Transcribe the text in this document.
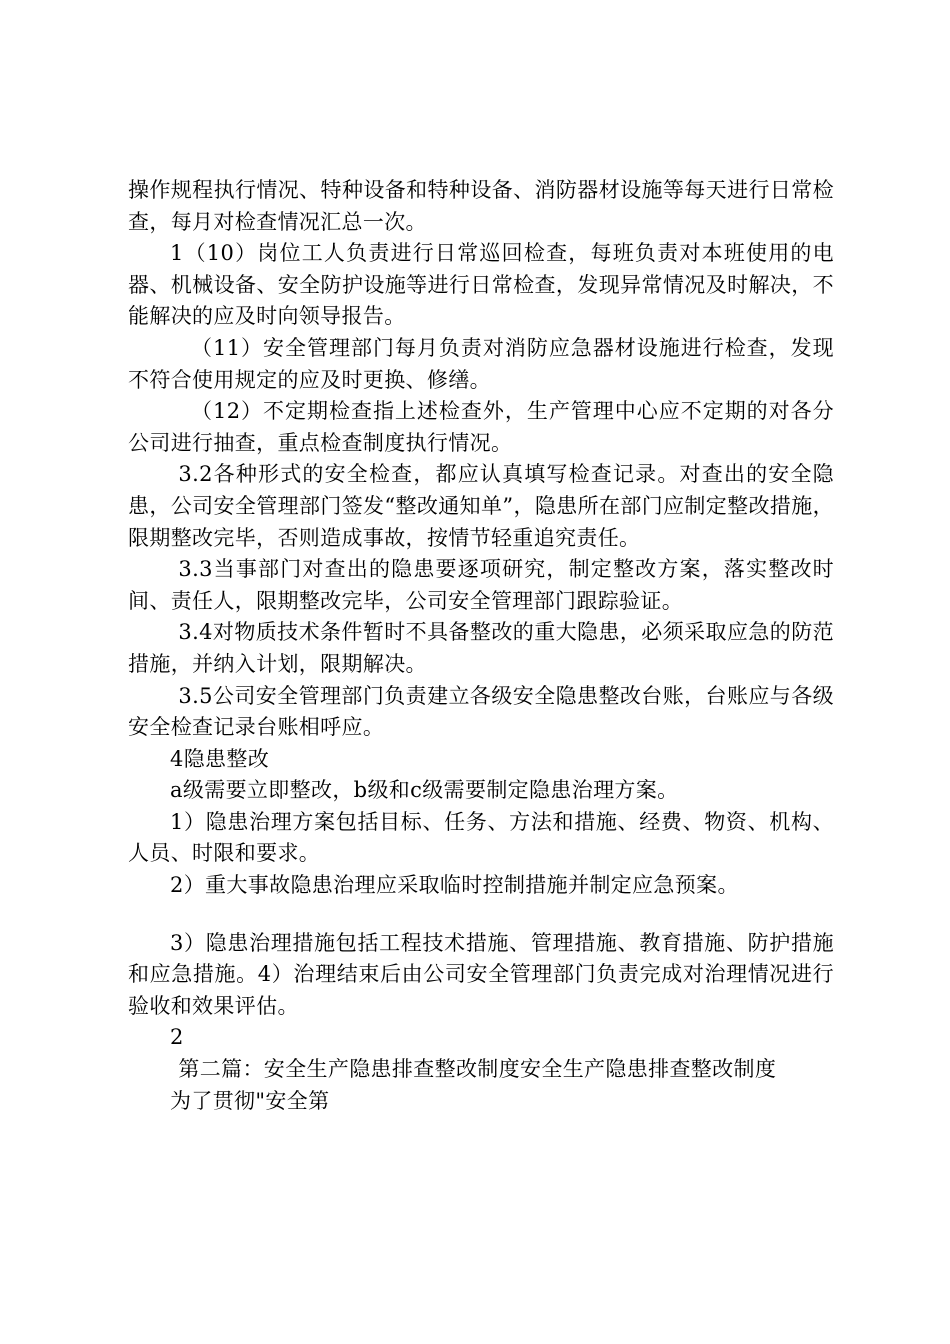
操作规程执行情况、特种设备和特种设备、消防器材设施等每天进行日常检查，每月对检查情况汇总一次。

1（10）岗位工人负责进行日常巡回检查，每班负责对本班使用的电器、机械设备、安全防护设施等进行日常检查，发现异常情况及时解决，不能解决的应及时向领导报告。

（11）安全管理部门每月负责对消防应急器材设施进行检查，发现不符合使用规定的应及时更换、修缮。

（12）不定期检查指上述检查外，生产管理中心应不定期的对各分公司进行抽查，重点检查制度执行情况。

3.2各种形式的安全检查，都应认真填写检查记录。对查出的安全隐患，公司安全管理部门签发“整改通知单”，隐患所在部门应制定整改措施，限期整改完毕，否则造成事故，按情节轻重追究责任。

3.3当事部门对查出的隐患要逐项研究，制定整改方案，落实整改时间、责任人，限期整改完毕，公司安全管理部门跟踪验证。

3.4对物质技术条件暂时不具备整改的重大隐患，必须采取应急的防范措施，并纳入计划，限期解决。

3.5公司安全管理部门负责建立各级安全隐患整改台账，台账应与各级安全检查记录台账相呼应。

4隐患整改

a级需要立即整改，b级和c级需要制定隐患治理方案。

1）隐患治理方案包括目标、任务、方法和措施、经费、物资、机构、人员、时限和要求。

2）重大事故隐患治理应采取临时控制措施并制定应急预案。

3）隐患治理措施包括工程技术措施、管理措施、教育措施、防护措施和应急措施。4）治理结束后由公司安全管理部门负责完成对治理情况进行验收和效果评估。

2

第二篇：安全生产隐患排查整改制度安全生产隐患排查整改制度

为了贯彻"安全第
